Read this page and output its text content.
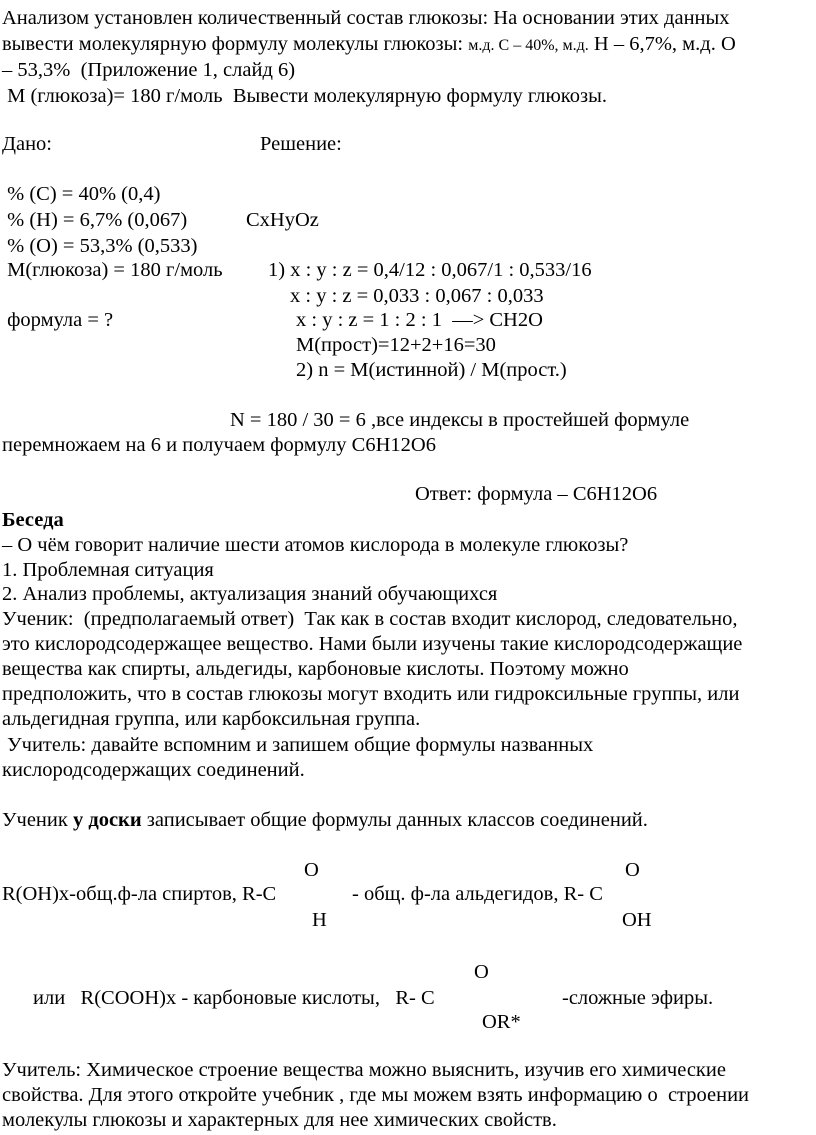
Анализом установлен количественный состав глюкозы: На основании этих данных
вывести молекулярную формулу молекулы глюкозы: м.д. С – 40%, м.д. Н – 6,7%, м.д. О
– 53,3%  (Приложение 1, слайд 6)
М (глюкоза)= 180 г/моль  Вывести молекулярную формулу глюкозы.
Дано:	Решение:
% (С) = 40% (0,4)
% (Н) = 6,7% (0,067)	СхНуОz
% (О) = 53,3% (0,533)
М(глюкоза) = 180 г/моль 1) х : у : z = 0,4/12 : 0,067/1 : 0,533/16
х : у : z = 0,033 : 0,067 : 0,033
формула = ?	х : у : z = 1 : 2 : 1  —> СН2О
М(прост)=12+2+16=30
2) n = М(истинной) / М(прост.)
N = 180 / 30 = 6 ,все индексы в простейшей формуле
перемножаем на 6 и получаем формулу С6Н12О6
Ответ: формула – С6Н12О6
Беседа
– О чём говорит наличие шести атомов кислорода в молекуле глюкозы?
1. Проблемная ситуация
2. Анализ проблемы, актуализация знаний обучающихся
Ученик:  (предполагаемый ответ)  Так как в состав входит кислород, следовательно,
это кислородсодержащее вещество. Нами были изучены такие кислородсодержащие
вещества как спирты, альдегиды, карбоновые кислоты. Поэтому можно
предположить, что в состав глюкозы могут входить или гидроксильные группы, или
альдегидная группа, или карбоксильная группа.
Учитель: давайте вспомним и запишем общие формулы названных
кислородсодержащих соединений.
Ученик у доски записывает общие формулы данных классов соединений.
О	О
R(OH)x-общ.ф-ла спиртов, R-C	- общ. ф-ла альдегидов, R- C
H	OH
O
или   R(COOH)x - карбоновые кислоты,   R- C	-сложные эфиры.
OR*
Учитель: Химическое строение вещества можно выяснить, изучив его химические
свойства. Для этого откройте учебник , где мы можем взять информацию о  строении
молекулы глюкозы и характерных для нее химических свойств.
